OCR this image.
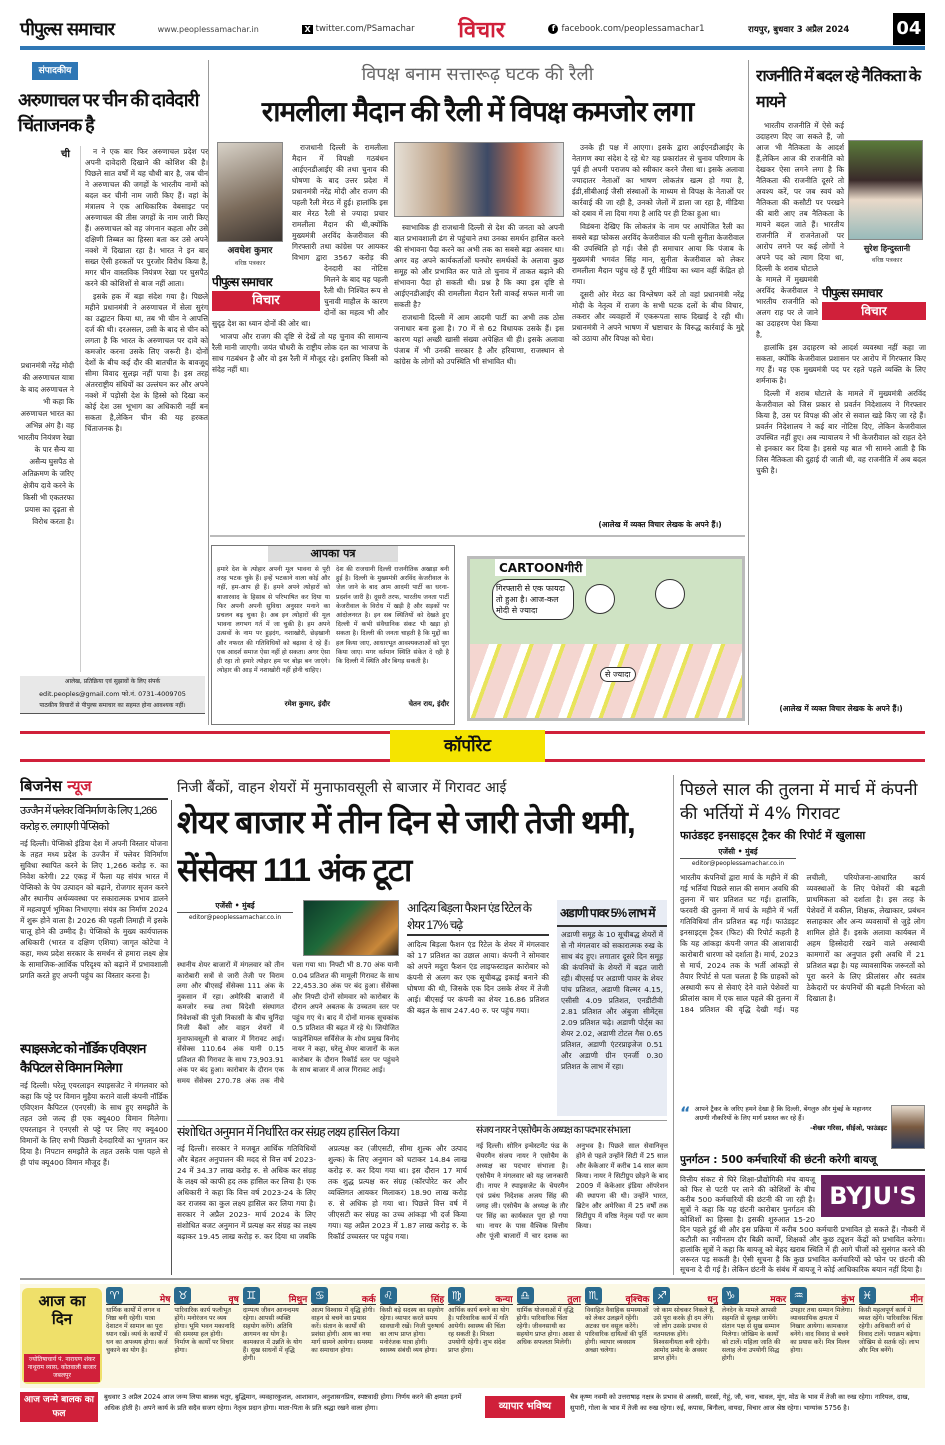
पीपुल्स समाचार	www.peoplessamachar.in	X twitter.com/PSamachar विचार	f facebook.com/peoplessamachar1	रायपुर, बुधवार 3 अप्रैल 2024	04
संपादकीय
अरुणाचल पर चीन की दावेदारी चिंताजनक है
ची
प्रधानमंत्री नरेंद्र मोदी की अरुणाचल यात्रा के बाद अरुणाचल ने भी कहा कि अरुणाचल भारत का अभिन्न अंग है। वह भारतीय नियंत्रण रेखा के पार सैन्य या असैन्य घुसपैठ से अतिक्रमण के जरिए क्षेत्रीय दावे करने के किसी भी एकतरफा प्रयास का दृढ़ता से विरोध करता है।

न ने एक बार फिर अरुणाचल प्रदेश पर अपनी दावेदारी दिखाने की कोशिश की है। पिछले सात वर्षों में यह चौथी बार है, जब चीन ने अरुणाचल की जगहों के भारतीय नामों को बदल कर चीनी नाम जारी किए हैं। वहां के मंत्रालय ने एक आधिकारिक वेबसाइट पर अरुणाचल की तीस जगहों के नाम जारी किए हैं। अरुणाचल को वह जंगनान कहता और उसे दक्षिणी तिब्बत का हिस्सा बता कर उसे अपने नक्शे में दिखाता रहा है। भारत ने इन बार सख्त ऐसी हरकतों पर पुरजोर विरोध किया है, मगर चीन वास्तविक नियंत्रण रेखा पर घुसपैठ करने की कोशिशों से बाज नहीं आता।

इसके हक में बड़ा संदेश गया है। पिछले महीने प्रधानमंत्री ने अरुणाचल में सेला सुरंग का उद्घाटन किया था, तब भी चीन ने आपत्ति दर्ज की थी। दरअसल, उसी के बाद से चीन को लगता है कि भारत के अरुणाचल पर दावे को कमजोर करना उसके लिए जरूरी है। दोनों देशों के बीच कई दौर की बातचीत के बावजूद सीमा विवाद सुलझ नहीं पाया है। इस तरह अंतरराष्ट्रीय संधियों का उल्लंघन कर और अपने नक्शे में पड़ोसी देश के हिस्से को दिखा कर कोई देश उस भूभाग का अधिकारी नहीं बन सकता है,लेकिन चीन की यह हरकत चिंताजनक है।

आलेख, प्रतिक्रिया एवं सुझावों के लिए संपर्क
edit.peoples@gmail.com फो.नं. 0731-4009705
पाठकीय विचारों से पीपुल्स समाचार का सहमत होना आवश्यक नहीं।
विपक्ष बनाम सत्तारूढ़ घटक की रैली
रामलीला मैदान की रैली में विपक्ष कमजोर लगा
अवधेश कुमार
वरिष्ठ पत्रकार
पीपुल्स समाचार
विचार

राजधानी दिल्ली के रामलीला मैदान में विपक्षी गठबंधन आईएनडीआईए की तथा चुनाव की घोषणा के बाद उत्तर प्रदेश में प्रधानमंत्री नरेंद्र मोदी और राजग की पहली रैली मेरठ में हुई। हालांकि इस बार मेरठ रैली से ज्यादा प्रचार रामलीला मैदान की थी,क्योंकि मुख्यमंत्री अरविंद केजरीवाल की गिरफ्तारी तथा कांग्रेस पर आयकर विभाग द्वारा 3567 करोड़ की देनदारी का नोटिस मिलने के बाद यह पहली रैली थी। निश्चित रूप से चुनावी माहौल के कारण दोनों का महत्व भी और सुदृढ़ देश का ध्यान दोनों की ओर था।

भाजपा और राजग की दृष्टि से देखें तो यह चुनाव की सामान्य रैली मानी जाएगी। जयंत चौधरी के राष्ट्रीय लोक दल का भाजपा के साथ गठबंधन है और वो इस रैली में मौजूद रहे। इसलिए किसी को संदेह नहीं था।

स्वाभाविक ही राजधानी दिल्ली से देश की जनता को अपनी बात प्रभावशाली ढंग से पहुंचाने तथा उनका समर्थन हासिल करने की संभावना पैदा करने का अभी तक का सबसे बड़ा अवसर था। अगर वह अपने कार्यकर्ताओं घनघोर समर्थकों के अलावा कुछ समूह को और प्रभावित कर पाते तो चुनाव में ताकत बढ़ाने की संभावना पैदा हो सकती थी। प्रश्न है कि क्या इस दृष्टि से आईएनडीआईए की रामलीला मैदान रैली वाकई सफल मानी जा सकती है?

राजधानी दिल्ली में आम आदमी पार्टी का अभी तक ठोस जनाधार बना हुआ है। 70 में से 62 विधायक उसके हैं। इस कारण यहां अच्छी खासी संख्या अपेक्षित थी ही। इसके अलावा पंजाब में भी उनकी सरकार है और हरियाणा, राजस्थान से कांग्रेस के लोगों को उपस्थिति भी संभावित थी।

उनके ही पक्ष में आएगा। इसके द्वारा आईएनडीआईए के नेतागण क्या संदेश दे रहे थे? यह प्रकारांतर से चुनाव परिणाम के पूर्व ही अपनी पराजय को स्वीकार करने जैसा था। इसके अलावा ज्यादातर नेताओं का भाषण लोकतंत्र खत्म हो गया है, ईडी,सीबीआई जैसी संस्थाओं के माध्यम से विपक्ष के नेताओं पर कार्रवाई की जा रही है, उनको जेलों में डाला जा रहा है, मीडिया को दबाव में ला दिया गया है आदि पर ही टिका हुआ था।

विडंबना देखिए कि लोकतंत्र के नाम पर आयोजित रैली का सबसे बड़ा फोकस अरविंद केजरीवाल की पत्नी सुनीता केजरीवाल की उपस्थिति हो गई। जैसे ही समाचार आया कि पंजाब के मुख्यमंत्री भगवंत सिंह मान, सुनीता केजरीवाल को लेकर रामलीला मैदान पहुंच रहे हैं पूरी मीडिया का ध्यान वहीं केंद्रित हो गया।

दूसरी ओर मेरठ का विश्लेषण करें तो वहां प्रधानमंत्री नरेंद्र मोदी के नेतृत्व में राजग के सभी घटक दलों के बीच विचार, तकरार और व्यवहारों में एकरूपता साफ दिखाई दे रही थी। प्रधानमंत्री ने अपने भाषण में भ्रष्टाचार के विरुद्ध कार्रवाई के मुद्दे को उठाया और विपक्ष को घेरा।

(आलेख में व्यक्त विचार लेखक के अपने हैं।)
राजनीति में बदल रहे नैतिकता के मायने
सुरेश हिन्दुस्तानी
वरिष्ठ पत्रकार
पीपुल्स समाचार
विचार

भारतीय राजनीति में ऐसे कई उदाहरण दिए जा सकते हैं, जो आज भी नैतिकता के आदर्श हैं,लेकिन आज की राजनीति को देखकर ऐसा लगने लगा है कि नैतिकता की राजनीति दूसरे तो अवश्य करें, पर जब स्वयं को नैतिकता की कसौटी पर परखने की बारी आए तब नैतिकता के मायने बदल जाते हैं। भारतीय राजनीति में राजनेताओं पर आरोप लगने पर कई लोगों ने अपने पद को त्याग दिया था, दिल्ली के शराब घोटाले के मामले में मुख्यमंत्री अरविंद केजरीवाल ने भारतीय राजनीति को अलग राह पर ले जाने का उदाहरण पेश किया है,

हालांकि इस उदाहरण को आदर्श व्यवस्था नहीं कहा जा सकता, क्योंकि केजरीवाल प्रशासन पर आरोप में गिरफ्तार किए गए हैं। यह एक मुख्यमंत्री पद पर रहते पहले व्यक्ति के लिए शर्मनाक है।

दिल्ली में शराब घोटाले के मामले में मुख्यमंत्री अरविंद केजरीवाल को जिस प्रकार से प्रवर्तन निदेशालय ने गिरफ्तार किया है, उस पर विपक्ष की ओर से सवाल खड़े किए जा रहे हैं। प्रवर्तन निदेशालय ने कई बार नोटिस दिए, लेकिन केजरीवाल उपस्थित नहीं हुए। अब न्यायालय ने भी केजरीवाल को राहत देने से इनकार कर दिया है। इससे यह बात भी सामने आती है कि जिस नैतिकता की दुहाई दी जाती थी, वह राजनीति में अब बदल चुकी है।

(आलेख में व्यक्त विचार लेखक के अपने हैं।)
आपका पत्र
हमारे देश के त्योहार अपनी मूल भावना से पूरी तरह भटक चुके हैं। इन्हें भटकाने वाला कोई और नहीं, हम-आप ही हैं। हमने अपने त्योहारों को बाजारवाद के हिसाब से परिभाषित कर दिया या फिर अपनी अपनी सुविधा अनुसार मनाने का प्रचलन बढ़ चुका है। अब इन त्योहारों की मूल भावना लगभग गर्त में जा चुकी है। हम अपने उत्सवों के नाम पर हुड़दंग, नशाखोरी, छेड़खानी और नफरत की गतिविधियों को बढ़ावा दे रहे हैं। एक आदर्श समाज ऐसा नहीं हो सकता। अगर ऐसा ही रहा तो हमारे त्योहार हम पर बोझ बन जाएंगे। त्योहार की आड़ में नशाखोरी नहीं होनी चाहिए।
रमेश कुमार, इंदौर
देश की राजधानी दिल्ली राजनीतिक अखाड़ा बनी हुई है। दिल्ली के मुख्यमंत्री अरविंद केजरीवाल के जेल जाने के बाद आम आदमी पार्टी का धरना-प्रदर्शन जारी है। दूसरी तरफ, भारतीय जनता पार्टी केजरीवाल के विरोध में खड़ी है और सड़कों पर आंदोलनरत है। इन सब स्थितियों को देखते हुए दिल्ली में कभी संवैधानिक संकट भी खड़ा हो सकता है। दिल्ली की जनता चाहती है कि मुद्दों का हल किया जाए, आधारभूत आवश्यकताओं को पूरा किया जाए। मगर वर्तमान स्थिति संकेत दे रही है कि दिल्ली में स्थिति और बिगड़ सकती है।
चेतन राय, इंदौर
CARTOONगीरी
गिरफ्तारी से एक फायदा तो हुआ है। आज-कल मोदी से ज्यादा
से ज्यादा
कॉर्पोरेट
बिजनेस न्यूज
उज्जैन में फ्लेवर विनिर्माण के लिए 1,266 करोड़ रु. लगाएगी पेप्सिको
नई दिल्ली। पेप्सिको इंडिया देश में अपनी विस्तार योजना के तहत मध्य प्रदेश के उज्जैन में फ्लेवर विनिर्माण सुविधा स्थापित करने के लिए 1,266 करोड़ रु. का निवेश करेगी। 22 एकड़ में फैला यह संयंत्र भारत में पेप्सिको के पेय उत्पादन को बढ़ाने, रोजगार सृजन करने और स्थानीय अर्थव्यवस्था पर सकारात्मक प्रभाव डालने में महत्वपूर्ण भूमिका निभाएगा। संयंत्र का निर्माण 2024 में शुरू होने वाला है। 2026 की पहली तिमाही में इसके चालू होने की उम्मीद है। पेप्सिको के मुख्य कार्यपालक अधिकारी (भारत व दक्षिण एशिया) जागृत कोटेचा ने कहा, मध्य प्रदेश सरकार के समर्थन से हमारा लक्ष्य क्षेत्र के सामाजिक-आर्थिक परिदृश्य को बढ़ाने में प्रभावशाली प्रगति करते हुए अपनी पहुंच का विस्तार करना है।
स्पाइसजेट को नॉर्डिक एविएशन कैपिटल से विमान मिलेगा
नई दिल्ली। घरेलू एयरलाइन स्पाइसजेट ने मंगलवार को कहा कि पट्टे पर विमान मुहैया कराने वाली कंपनी नॉर्डिक एविएशन कैपिटल (एनएसी) के साथ हुए समझौते के तहत उसे जल्द ही एक क्यू400 विमान मिलेगा। एयरलाइन ने एनएसी से पट्टे पर लिए गए क्यू400 विमानों के लिए सभी पिछली देनदारियों का भुगतान कर दिया है। निपटान समझौते के तहत उसके पास पहले से ही पांच क्यू400 विमान मौजूद हैं।
निजी बैंकों, वाहन शेयरों में मुनाफावसूली से बाजार में गिरावट आई
शेयर बाजार में तीन दिन से जारी तेजी थमी, सेंसेक्स 111 अंक टूटा
एजेंसी • मुंबई
editor@peoplessamachar.co.in
स्थानीय शेयर बाजारों में मंगलवार को तीन कारोबारी सत्रों से जारी तेजी पर विराम लगा और बीएसई सेंसेक्स 111 अंक के नुकसान में रहा। अमेरिकी बाजारों में कमजोर रुख तथा विदेशी संस्थागत निवेशकों की पूंजी निकासी के बीच चुनिंदा निजी बैंकों और वाहन शेयरों में मुनाफावसूली से बाजार में गिरावट आई। सेंसेक्स 110.64 अंक यानी 0.15 प्रतिशत की गिरावट के साथ 73,903.91 अंक पर बंद हुआ। कारोबार के दौरान एक समय सेंसेक्स 270.78 अंक तक नीचे चला गया था। निफ्टी भी 8.70 अंक यानी 0.04 प्रतिशत की मामूली गिरावट के साथ 22,453.30 अंक पर बंद हुआ। सेंसेक्स और निफ्टी दोनों सोमवार को कारोबार के दौरान अपने अबतक के उच्चतम स्तर पर पहुंच गए थे। बाद में दोनों मानक सूचकांक 0.5 प्रतिशत की बढ़त में रहे थे। जियोजित फाइनेंशियल सर्विसेज के शोध प्रमुख विनोद नायर ने कहा, घरेलू शेयर बाजारों के कल कारोबार के दौरान रिकॉर्ड स्तर पर पहुंचने के साथ बाजार में आज गिरावट आई।
आदित्य बिड़ला फैशन एंड रिटेल के शेयर 17% चढ़े
आदित्य बिड़ला फैशन एंड रिटेल के शेयर में मंगलवार को 17 प्रतिशत का उछाल आया। कंपनी ने सोमवार को अपने मदुरा फैशन एंड लाइफस्टाइल कारोबार को कंपनी से अलग कर एक सूचीबद्ध इकाई बनाने की घोषणा की थी, जिसके एक दिन उसके शेयर में तेजी आई। बीएसई पर कंपनी का शेयर 16.86 प्रतिशत की बढ़त के साथ 247.40 रु. पर पहुंच गया।
अडाणी पावर 5% लाभ में
अडाणी समूह के 10 सूचीबद्ध शेयरों में से नौ मंगलवार को सकारात्मक रुख के साथ बंद हुए। लगातार दूसरे दिन समूह की कंपनियों के शेयरों में बढ़त जारी रही। बीएसई पर अडाणी पावर के शेयर पांच प्रतिशत, अडाणी विल्मर 4.15, एसीसी 4.09 प्रतिशत, एनडीटीवी 2.81 प्रतिशत और अंबुजा सीमेंट्स 2.09 प्रतिशत चढ़े। अडाणी पोर्ट्स का शेयर 2.02, अडाणी टोटल गैस 0.65 प्रतिशत, अडाणी एंटरप्राइजेज 0.51 और अडाणी ग्रीन एनर्जी 0.30 प्रतिशत के लाभ में रहा।
पिछले साल की तुलना में मार्च में कंपनी की भर्तियों में 4% गिरावट
फाउंडइट इनसाइट्स ट्रैकर की रिपोर्ट में खुलासा
एजेंसी • मुंबई
editor@peoplessamachar.co.in
भारतीय कंपनियों द्वारा मार्च के महीने में की गई भर्तियां पिछले साल की समान अवधि की तुलना में चार प्रतिशत घट गईं। हालांकि, फरवरी की तुलना में मार्च के महीने में भर्ती गतिविधियां तीन प्रतिशत बढ़ गईं। फाउंडइट इनसाइट्स ट्रैकर (फिट) की रिपोर्ट कहती है कि यह आंकड़ा कंपनी जगत की आशावादी कारोबारी धारणा को दर्शाता है। मार्च, 2023 से मार्च, 2024 तक के भर्ती आंकड़ों से तैयार रिपोर्ट से पता चलता है कि ग्राहकों को अस्थायी रूप से सेवाएं देने वाले पेशेवरों या फ्रीलांस काम में एक साल पहले की तुलना में 184 प्रतिशत की वृद्धि देखी गई। यह लचीली, परियोजना-आधारित कार्य व्यवस्थाओं के लिए पेशेवरों की बढ़ती प्राथमिकता को दर्शाता है। इस तरह के पेशेवरों में वकील, शिक्षक, लेखाकार, प्रबंधन सलाहकार और अन्य व्यवसायों से जुड़े लोग शामिल होते हैं। इसके अलावा कार्यबल में अहम हिस्सेदारी रखने वाले अस्थायी कामगारों का अनुपात इसी अवधि में 21 प्रतिशत बढ़ा है। यह व्यावसायिक जरूरतों को पूरा करने के लिए फ्रीलांसर और स्वतंत्र ठेकेदारों पर कंपनियों की बढ़ती निर्भरता को दिखाता है।
“ आपने ट्रैकर के जरिए हमने देखा है कि दिल्ली, बेंगलुरु और मुंबई के महानगर अग्रणी नौकरियों के लिए मार्ग प्रशस्त कर रहे हैं।
-शेखर गरिसा, सीईओ, फाउंडइट
पुनर्गठन : 500 कर्मचारियों की छंटनी करेगी बायजू
BYJU'S
वित्तीय संकट से घिरे शिक्षा-प्रौद्योगिकी मंच बायजू को फिर से पटरी पर लाने की कोशिशों के बीच करीब 500 कर्मचारियों की छंटनी की जा रही है। सूत्रों ने कहा कि यह छंटनी कारोबार पुनर्गठन की कोशिशों का हिस्सा है। इसकी शुरुआत 15-20 दिन पहले हुई थी और इस प्रक्रिया में करीब 500 कर्मचारी प्रभावित हो सकते हैं। नौकरी में कटौती का नवीनतम दौर बिक्री कार्यों, शिक्षकों और कुछ ट्यूशन केंद्रों को प्रभावित करेगा। हालांकि सूत्रों ने कहा कि बायजू को बेहद खराब स्थिति में ही आगे चीजों को सुसंगत करने की जरूरत पड़ सकती है। ऐसी सूचना है कि कुछ प्रभावित कर्मचारियों को फोन पर छंटनी की सूचना दे दी गई है। लेकिन छंटनी के संबंध में बायजू ने कोई आधिकारिक बयान नहीं दिया है।
संशोधित अनुमान में निर्धारित कर संग्रह लक्ष्य हासिल किया
नई दिल्ली। सरकार ने मजबूत आर्थिक गतिविधियों और बेहतर अनुपालन की मदद से वित्त वर्ष 2023-24 में 34.37 लाख करोड़ रु. से अधिक कर संग्रह के लक्ष्य को काफी हद तक हासिल कर लिया है। एक अधिकारी ने कहा कि वित्त वर्ष 2023-24 के लिए कर राजस्व का कुल लक्ष्य हासिल कर लिया गया है। सरकार ने अप्रैल 2023- मार्च 2024 के लिए संशोधित बजट अनुमान में प्रत्यक्ष कर संग्रह का लक्ष्य बढ़ाकर 19.45 लाख करोड़ रु. कर दिया था जबकि अप्रत्यक्ष कर (जीएसटी, सीमा शुल्क और उत्पाद शुल्क) के लिए अनुमान को घटाकर 14.84 लाख करोड़ रु. कर दिया गया था। इस दौरान 17 मार्च तक शुद्ध प्रत्यक्ष कर संग्रह (कॉरपोरेट कर और व्यक्तिगत आयकर मिलाकर) 18.90 लाख करोड़ रु. से अधिक हो गया था। पिछले वित्त वर्ष में जीएसटी कर संग्रह का उच्च आंकड़ा भी दर्ज किया गया। यह अप्रैल 2023 में 1.87 लाख करोड़ रु. के रिकॉर्ड उच्चस्तर पर पहुंच गया।
संजय नायर ने एसोचैम के अध्यक्ष का पदभार संभाला
नई दिल्ली। सोरिन इन्वेस्टमेंट फंड के चेयरमैन संजय नायर ने एसोचैम के अध्यक्ष का पदभार संभाला है। एसोचैम ने मंगलवार को यह जानकारी दी। नायर ने स्पाइसजेट के चेयरमैन एवं प्रबंध निदेशक अजय सिंह की जगह ली। एसोचैम के अध्यक्ष के तौर पर सिंह का कार्यकाल पूरा हो गया था। नायर के पास वैश्विक वित्तीय और पूंजी बाजारों में चार दशक का अनुभव है। पिछले साल सेवानिवृत्त होने से पहले उन्होंने सिटी में 25 साल और केकेआर में करीब 14 साल काम किया। नायर ने सिटीग्रुप छोड़ने के बाद 2009 में केकेआर इंडिया ऑपरेशन की स्थापना की थी। उन्होंने भारत, ब्रिटेन और अमेरिका में 25 वर्षों तक सिटीग्रुप में वरिष्ठ नेतृत्व पदों पर काम किया।
आज का दिन
ज्योतिषाचार्य पं. नारायण शंकर नाथूराम व्यास, कोतवाली बाजार जबलपुर
♈	मेष
धार्मिक कार्यों में लगन व निष्ठा बनी रहेगी। यात्रा देशाटन में सामान का पूरा ध्यान रखें। व्यर्थ के कार्यों में धन का अपव्यय होगा। कर्ज चुकाने का योग है।
♉	वृष
पारिवारिक कार्य फलीभूत होंगे। मनोरंजन पर व्यय होगा। भूमि भवन मकानादि की समस्या हल होगी। निर्माण के कार्यों पर विचार होगा।
♊	मिथुन
दाम्पत्य जीवन आनन्दमय रहेगा। आपसी व्यक्ति सहयोग करेंगे। अतिथि आगमन का योग है। कामकाज में उन्नति के योग हैं। सुख साधनों में वृद्धि होगी।
♋	कर्क
आत्म विश्वास में वृद्धि होगी। वाहन से बचने का प्रयास करें। संतान के कार्यों की प्रशंसा होगी। आय का नया मार्ग सामने आयेगा। समस्या का समाधान होगा।
♌	सिंह
किसी बड़े सदस्य का सहयोग रहेगा। व्यापार करते समय सावधानी रखें। निजी पुरुषार्थ का लाभ प्राप्त होगा। मनोरंजक यात्रा होगी। स्वास्थ्य संबंधी व्यय होगा।
♍	कन्या
आर्थिक कार्य बनने का योग है। पारिवारिक कार्य में गति आयेगी। स्वास्थ्य की चिंता रह सकती है। मित्रता उपयोगी रहेगी। शुभ संदेश प्राप्त होगा।
♎	तुला
धार्मिक योजनाओं में वृद्धि होगी। पारिवारिक चिंता रहेगी। जीवनसाथी का सहयोग प्राप्त होगा। आशा से अधिक सफलता मिलेगी।
♏	वृश्चिक
विवाहित वैवाहिक समस्याओं को लेकर उलझनें रहेंगी। अटका धन वसूल करेंगे। पारिवारिक दायित्वों की पूर्ति होगी। व्यापार व्यवसाय अच्छा चलेगा।
♐	धनु
जो काम सोचकर निकले हैं, उसे पूरा करके ही दम लेंगे। जो लोग उसके प्रभाव से नतमस्तक होंगे। विश्वसनीयता बनी रहेगी। आमोद प्रमोद के अवसर प्राप्त होंगे।
♑	मकर
लेनदेन के मामले आपसी सहमति से सुलझ जायेंगे। संतान पक्ष से सुख सम्मान मिलेगा। जोखिम के कार्यों को टालें। महिला जाति की सलाह लेना उपयोगी सिद्ध होगी।
♒	कुंभ
उपहार तथा सम्मान मिलेगा। व्यावसायिक क्षमता में निखार आयेगा। कामकाज बनेंगे। वाद विवाद से बचने का प्रयास करें। मित्र मिलन होगा।
♓	मीन
किसी महत्वपूर्ण कार्य में व्यस्त रहेंगे। पारिवारिक चिंता रहेगी। अधिकारी वर्ग से विवाद टालें। पराक्रम बढ़ेगा। जोखिम से सतर्क रहें। लाभ और मित्र बनेंगे।
आज जन्मे बालक का फल
बुधवार 3 अप्रैल 2024 आज जन्म लिया बालक चतुर, बुद्धिमान, व्यवहारकुशल, आशावान, अनुशासनप्रिय, स्पष्टवादी होगा। निर्णय करने की क्षमता इनमें अधिक होती है। अपने कार्य के प्रति सदैव सजग रहेगा। नेतृत्व प्रदान होगा। माता-पिता के प्रति श्रद्धा रखने वाला होगा।	व्यापार भविष्य
चैत्र कृष्ण नवमी को उत्तराषाढ़ नक्षत्र के प्रभाव से अलसी, सरसों, गेहूं, जौ, चना, चावल, मूंग, मोठ के भाव में तेजी का रुख रहेगा। नारियल, दाख, सुपारी, गोला के भाव में तेजी का रुख रहेगा। रुई, कपास, बिनौला, वायदा, विचार आज श्रेष्ठ रहेगा। भाग्यांक 5756 है।
